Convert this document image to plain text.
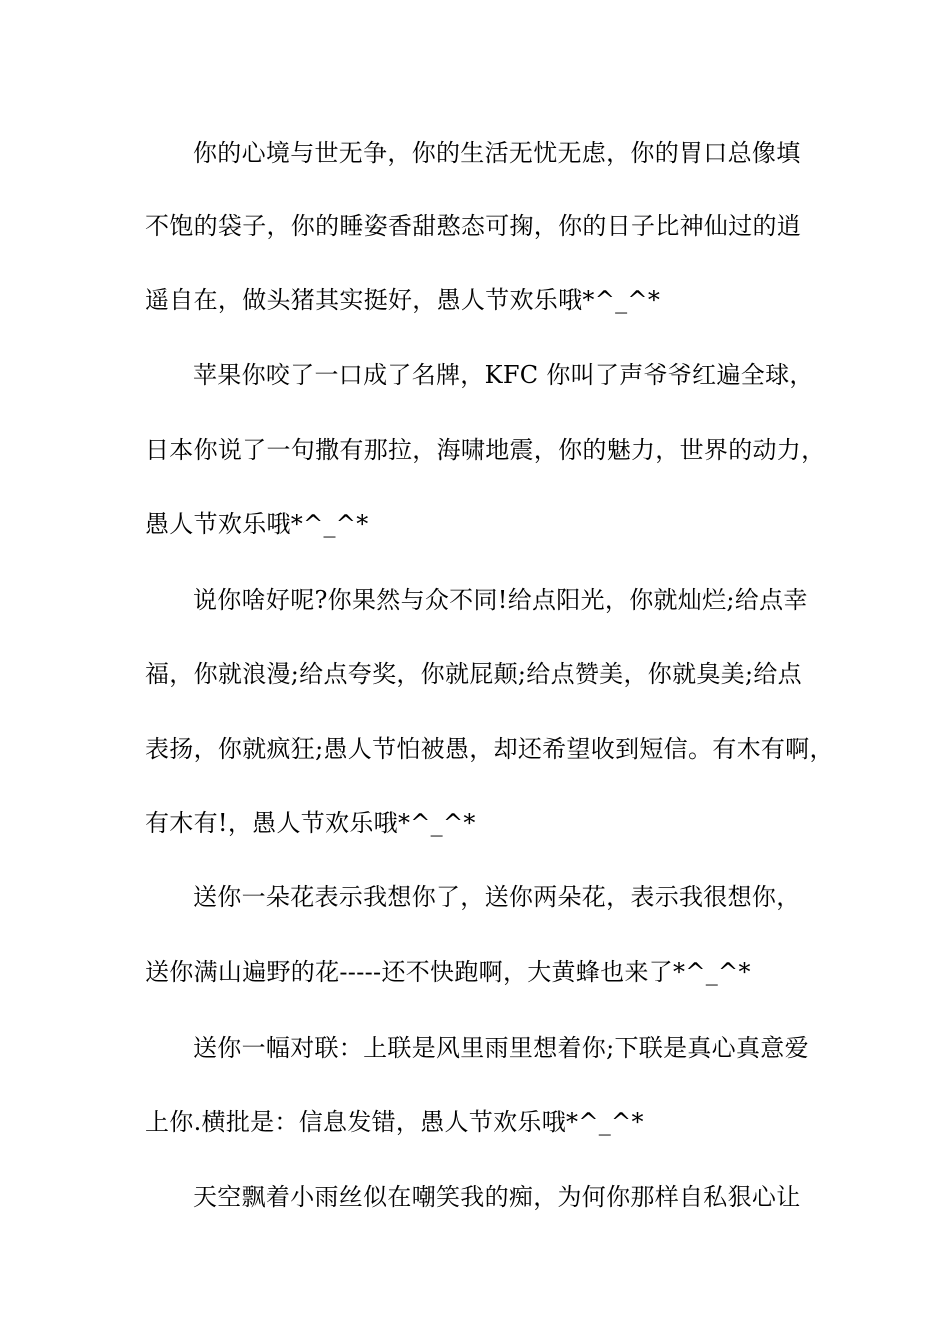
你的心境与世无争，你的生活无忧无虑，你的胃口总像填
不饱的袋子，你的睡姿香甜憨态可掬，你的日子比神仙过的逍
遥自在，做头猪其实挺好，愚人节欢乐哦*^_^*
苹果你咬了一口成了名牌，KFC 你叫了声爷爷红遍全球，
日本你说了一句撒有那拉，海啸地震，你的魅力，世界的动力，
愚人节欢乐哦*^_^*
说你啥好呢?你果然与众不同!给点阳光，你就灿烂;给点幸
福，你就浪漫;给点夸奖，你就屁颠;给点赞美，你就臭美;给点
表扬，你就疯狂;愚人节怕被愚，却还希望收到短信。有木有啊，
有木有!，愚人节欢乐哦*^_^*
送你一朵花表示我想你了，送你两朵花，表示我很想你，
送你满山遍野的花-----还不快跑啊，大黄蜂也来了*^_^*
送你一幅对联：上联是风里雨里想着你;下联是真心真意爱
上你.横批是：信息发错，愚人节欢乐哦*^_^*
天空飘着小雨丝似在嘲笑我的痴，为何你那样自私狠心让
